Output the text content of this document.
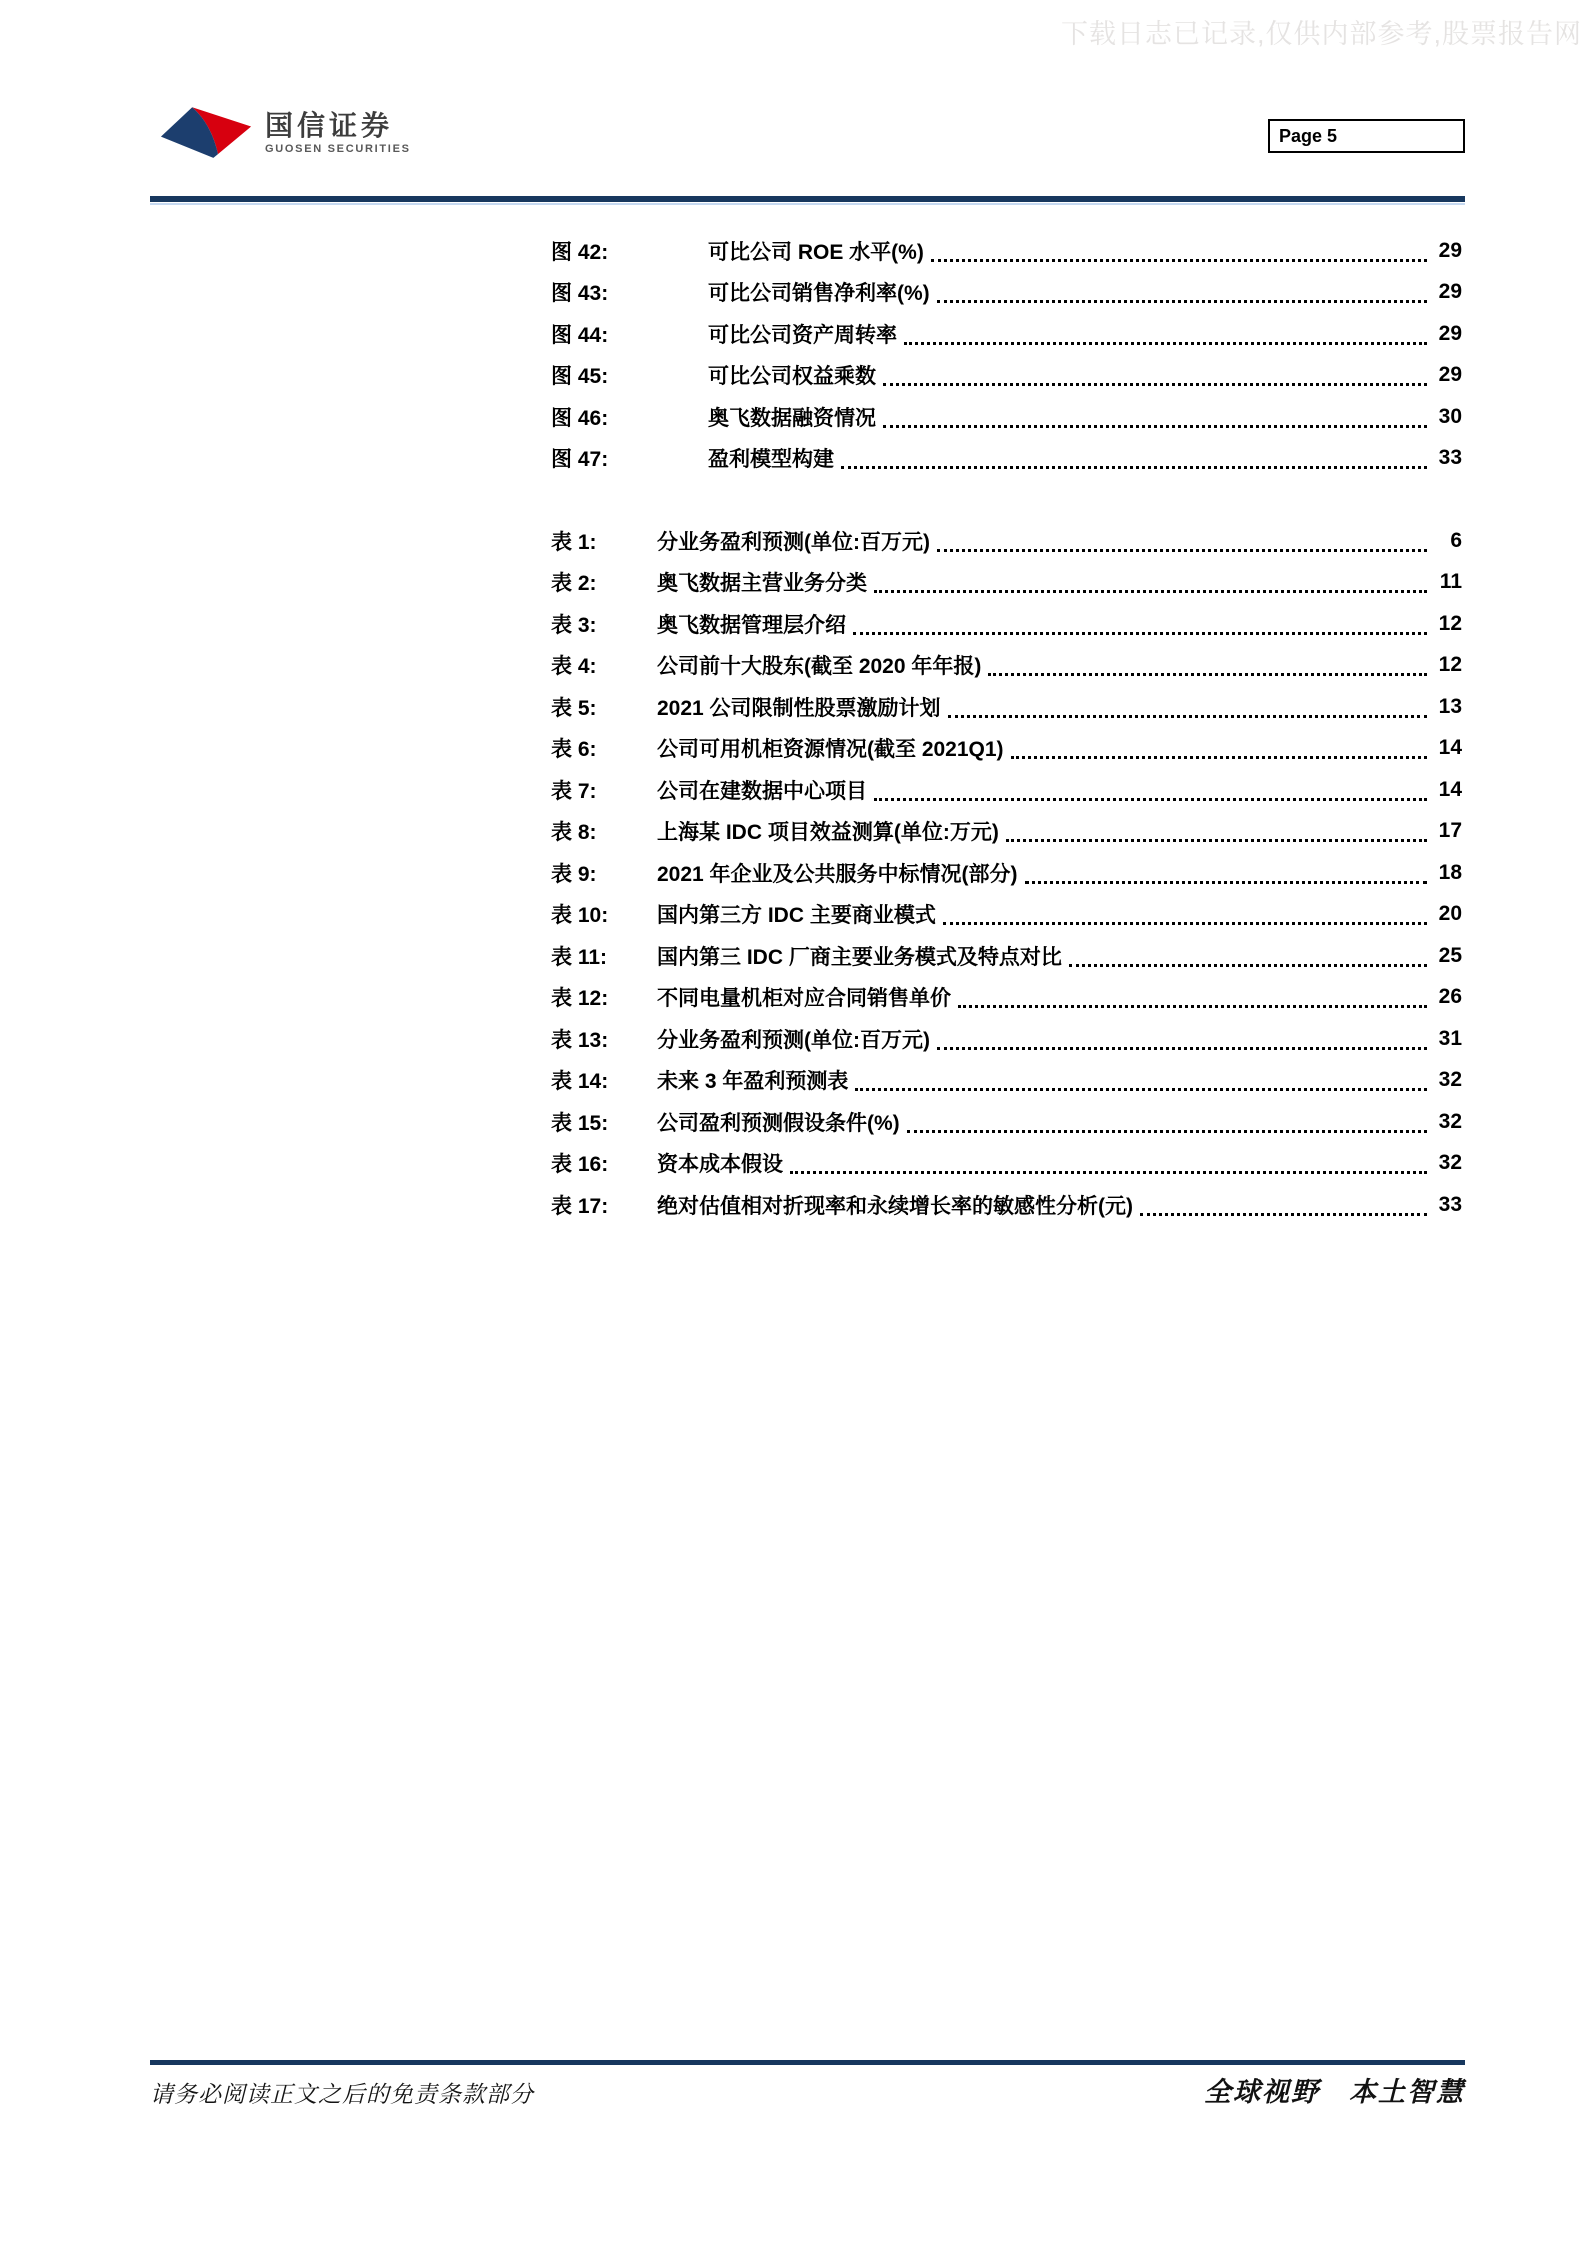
下载日志已记录,仅供内部参考,股票报告网
国信证券
GUOSEN SECURITIES
Page 5
图 42:	可比公司 ROE 水平(%)	29
图 43:	可比公司销售净利率(%)	29
图 44:	可比公司资产周转率	29
图 45:	可比公司权益乘数	29
图 46:	奥飞数据融资情况	30
图 47:	盈利模型构建	33
表 1:	分业务盈利预测(单位:百万元)	6
表 2:	奥飞数据主营业务分类	11
表 3:	奥飞数据管理层介绍	12
表 4:	公司前十大股东(截至 2020 年年报)	12
表 5:	2021 公司限制性股票激励计划	13
表 6:	公司可用机柜资源情况(截至 2021Q1)	14
表 7:	公司在建数据中心项目	14
表 8:	上海某 IDC 项目效益测算(单位:万元)	17
表 9:	2021 年企业及公共服务中标情况(部分)	18
表 10:	国内第三方 IDC 主要商业模式	20
表 11:	国内第三 IDC 厂商主要业务模式及特点对比	25
表 12:	不同电量机柜对应合同销售单价	26
表 13:	分业务盈利预测(单位:百万元)	31
表 14:	未来 3 年盈利预测表	32
表 15:	公司盈利预测假设条件(%)	32
表 16:	资本成本假设	32
表 17:	绝对估值相对折现率和永续增长率的敏感性分析(元)	33
请务必阅读正文之后的免责条款部分	全球视野　本土智慧
